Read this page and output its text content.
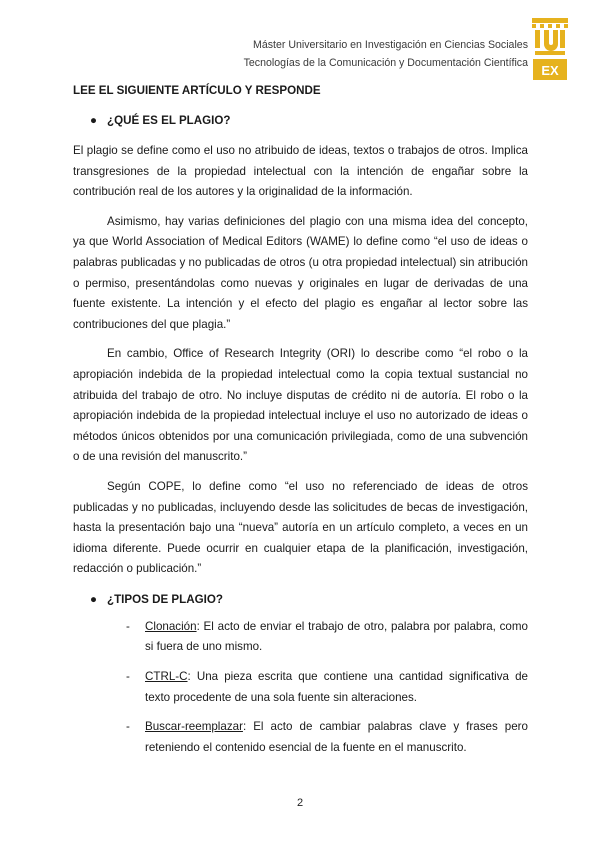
Máster Universitario en Investigación en Ciencias Sociales
Tecnologías de la Comunicación y Documentación Científica
EX

LEE EL SIGUIENTE ARTÍCULO Y RESPONDE

● ¿QUÉ ES EL PLAGIO?

El plagio se define como el uso no atribuido de ideas, textos o trabajos de otros. Implica transgresiones de la propiedad intelectual con la intención de engañar sobre la contribución real de los autores y la originalidad de la información.

Asimismo, hay varias definiciones del plagio con una misma idea del concepto, ya que World Association of Medical Editors (WAME) lo define como “el uso de ideas o palabras publicadas y no publicadas de otros (u otra propiedad intelectual) sin atribución o permiso, presentándolas como nuevas y originales en lugar de derivadas de una fuente existente. La intención y el efecto del plagio es engañar al lector sobre las contribuciones del que plagia.”

En cambio, Office of Research Integrity (ORI) lo describe como “el robo o la apropiación indebida de la propiedad intelectual como la copia textual sustancial no atribuida del trabajo de otro. No incluye disputas de crédito ni de autoría. El robo o la apropiación indebida de la propiedad intelectual incluye el uso no autorizado de ideas o métodos únicos obtenidos por una comunicación privilegiada, como de una subvención o de una revisión del manuscrito.”

Según COPE, lo define como “el uso no referenciado de ideas de otros publicadas y no publicadas, incluyendo desde las solicitudes de becas de investigación, hasta la presentación bajo una “nueva” autoría en un artículo completo, a veces en un idioma diferente. Puede ocurrir en cualquier etapa de la planificación, investigación, redacción o publicación.”

● ¿TIPOS DE PLAGIO?

- Clonación: El acto de enviar el trabajo de otro, palabra por palabra, como si fuera de uno mismo.
- CTRL-C: Una pieza escrita que contiene una cantidad significativa de texto procedente de una sola fuente sin alteraciones.
- Buscar-reemplazar: El acto de cambiar palabras clave y frases pero reteniendo el contenido esencial de la fuente en el manuscrito.
2
